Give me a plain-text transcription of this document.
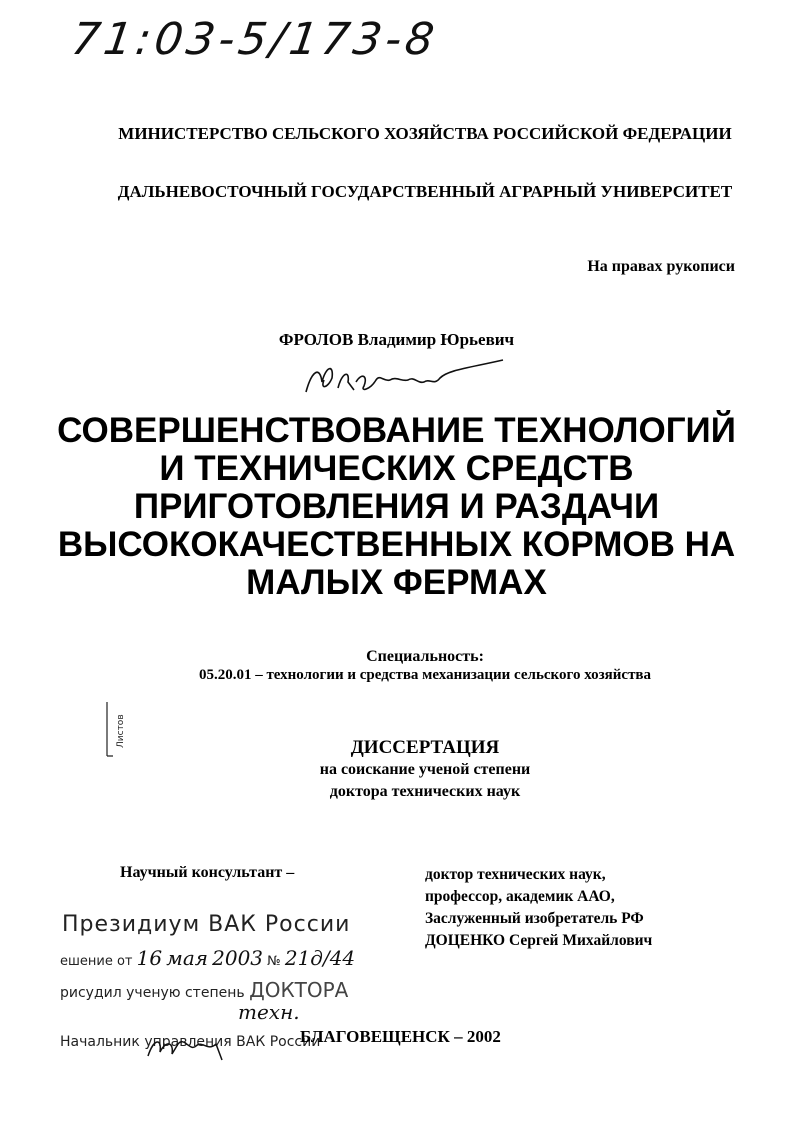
71:03-5/173-8
МИНИСТЕРСТВО СЕЛЬСКОГО ХОЗЯЙСТВА РОССИЙСКОЙ ФЕДЕРАЦИИ
ДАЛЬНЕВОСТОЧНЫЙ ГОСУДАРСТВЕННЫЙ АГРАРНЫЙ УНИВЕРСИТЕТ
На правах рукописи
ФРОЛОВ Владимир Юрьевич
СОВЕРШЕНСТВОВАНИЕ ТЕХНОЛОГИЙ И ТЕХНИЧЕСКИХ СРЕДСТВ ПРИГОТОВЛЕНИЯ И РАЗДАЧИ ВЫСОКОКАЧЕСТВЕННЫХ КОРМОВ НА МАЛЫХ ФЕРМАХ
Специальность:
05.20.01 – технологии и средства механизации сельского хозяйства
Листов	ДИССЕРТАЦИЯ
на соискание ученой степени
доктора технических наук
Научный консультант –	доктор технических наук,
профессор, академик ААО,
Заслуженный изобретатель РФ
ДОЦЕНКО Сергей Михайлович
Президиум ВАК России
ешение от 16 мая 2003 № 21д/44
рисудил ученую степень ДОКТОРА
техн.
Начальник управления ВАК России
БЛАГОВЕЩЕНСК – 2002
